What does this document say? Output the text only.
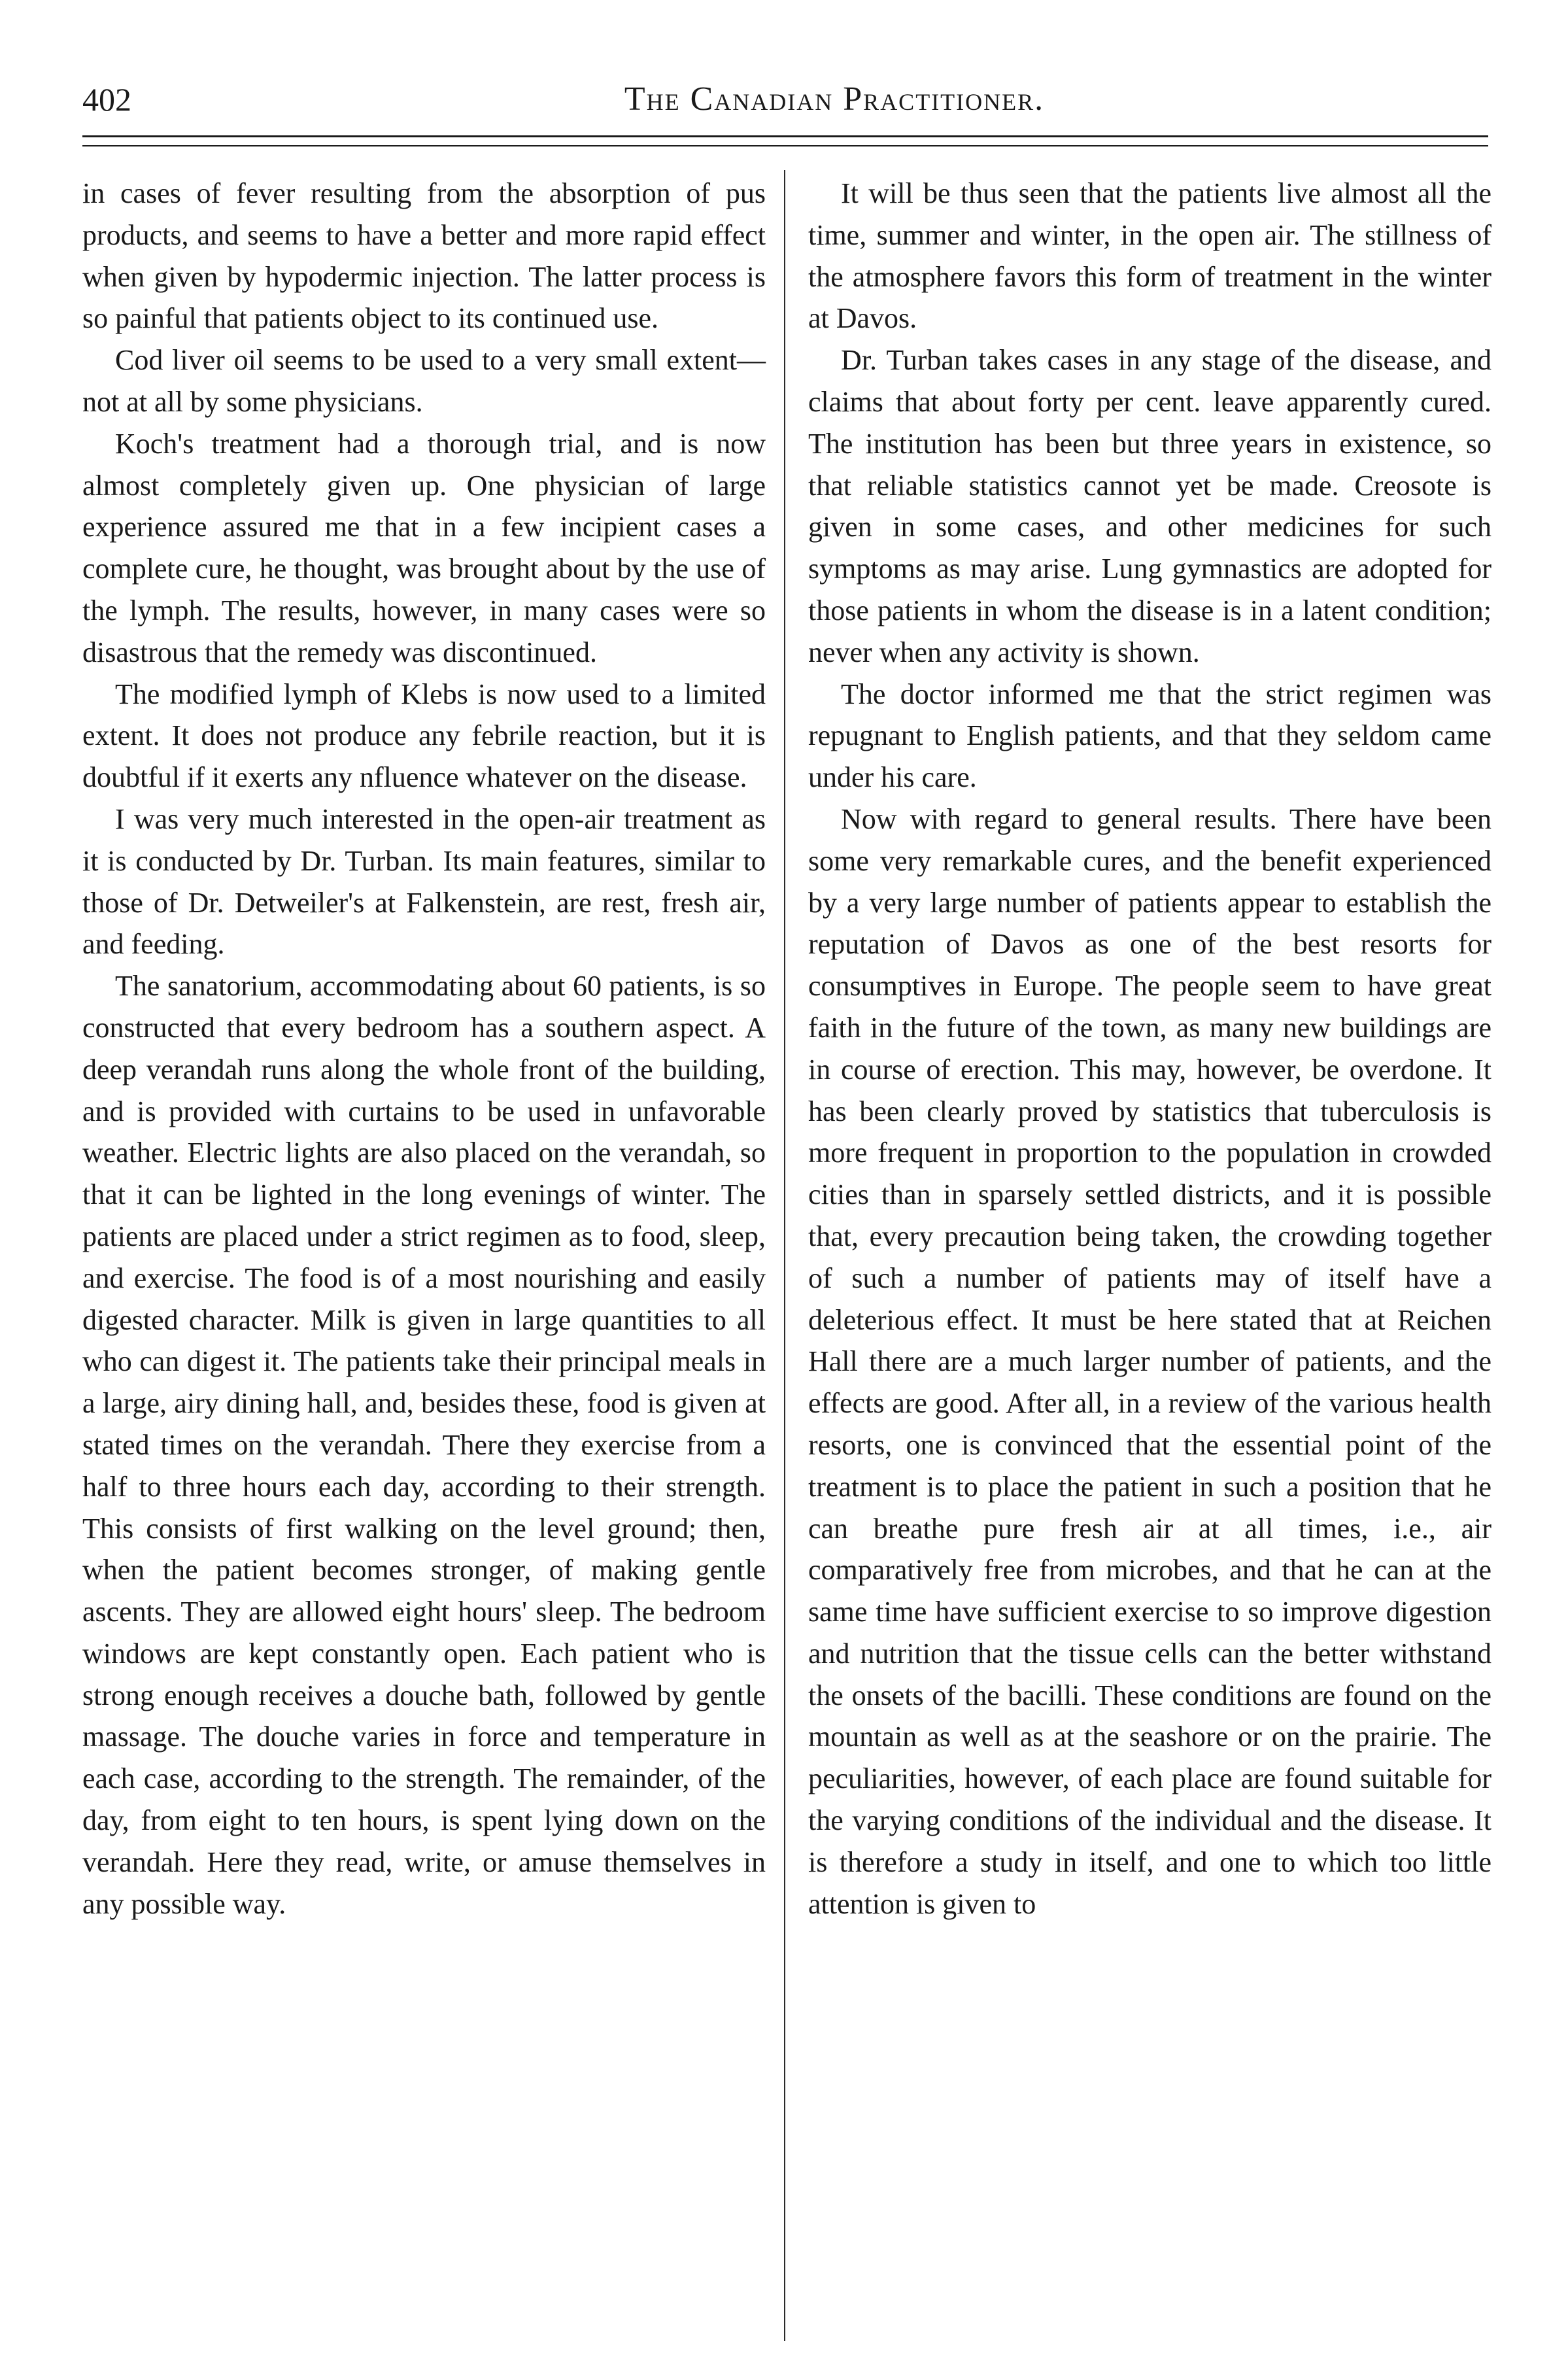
402	The Canadian Practitioner.

in cases of fever resulting from the absorption of pus products, and seems to have a better and more rapid effect when given by hypodermic injection. The latter process is so painful that patients object to its continued use.

Cod liver oil seems to be used to a very small extent—not at all by some physicians.

Koch's treatment had a thorough trial, and is now almost completely given up. One physician of large experience assured me that in a few incipient cases a complete cure, he thought, was brought about by the use of the lymph. The results, however, in many cases were so disastrous that the remedy was discontinued.

The modified lymph of Klebs is now used to a limited extent. It does not produce any febrile reaction, but it is doubtful if it exerts any nfluence whatever on the disease.

I was very much interested in the open-air treatment as it is conducted by Dr. Turban. Its main features, similar to those of Dr. Detweiler's at Falkenstein, are rest, fresh air, and feeding.

The sanatorium, accommodating about 60 patients, is so constructed that every bedroom has a southern aspect. A deep verandah runs along the whole front of the building, and is provided with curtains to be used in unfavorable weather. Electric lights are also placed on the verandah, so that it can be lighted in the long evenings of winter. The patients are placed under a strict regimen as to food, sleep, and exercise. The food is of a most nourishing and easily digested character. Milk is given in large quantities to all who can digest it. The patients take their principal meals in a large, airy dining hall, and, besides these, food is given at stated times on the verandah. There they exercise from a half to three hours each day, according to their strength. This consists of first walking on the level ground; then, when the patient becomes stronger, of making gentle ascents. They are allowed eight hours' sleep. The bedroom windows are kept constantly open. Each patient who is strong enough receives a douche bath, followed by gentle massage. The douche varies in force and temperature in each case, according to the strength. The remainder, of the day, from eight to ten hours, is spent lying down on the verandah. Here they read, write, or amuse themselves in any possible way.

It will be thus seen that the patients live almost all the time, summer and winter, in the open air. The stillness of the atmosphere favors this form of treatment in the winter at Davos.

Dr. Turban takes cases in any stage of the disease, and claims that about forty per cent. leave apparently cured. The institution has been but three years in existence, so that reliable statistics cannot yet be made. Creosote is given in some cases, and other medicines for such symptoms as may arise. Lung gymnastics are adopted for those patients in whom the disease is in a latent condition; never when any activity is shown.

The doctor informed me that the strict regimen was repugnant to English patients, and that they seldom came under his care.

Now with regard to general results. There have been some very remarkable cures, and the benefit experienced by a very large number of patients appear to establish the reputation of Davos as one of the best resorts for consumptives in Europe. The people seem to have great faith in the future of the town, as many new buildings are in course of erection. This may, however, be overdone. It has been clearly proved by statistics that tuberculosis is more frequent in proportion to the population in crowded cities than in sparsely settled districts, and it is possible that, every precaution being taken, the crowding together of such a number of patients may of itself have a deleterious effect. It must be here stated that at Reichen Hall there are a much larger number of patients, and the effects are good. After all, in a review of the various health resorts, one is convinced that the essential point of the treatment is to place the patient in such a position that he can breathe pure fresh air at all times, i.e., air comparatively free from microbes, and that he can at the same time have sufficient exercise to so improve digestion and nutrition that the tissue cells can the better withstand the onsets of the bacilli. These conditions are found on the mountain as well as at the seashore or on the prairie. The peculiarities, however, of each place are found suitable for the varying conditions of the individual and the disease. It is therefore a study in itself, and one to which too little attention is given to
